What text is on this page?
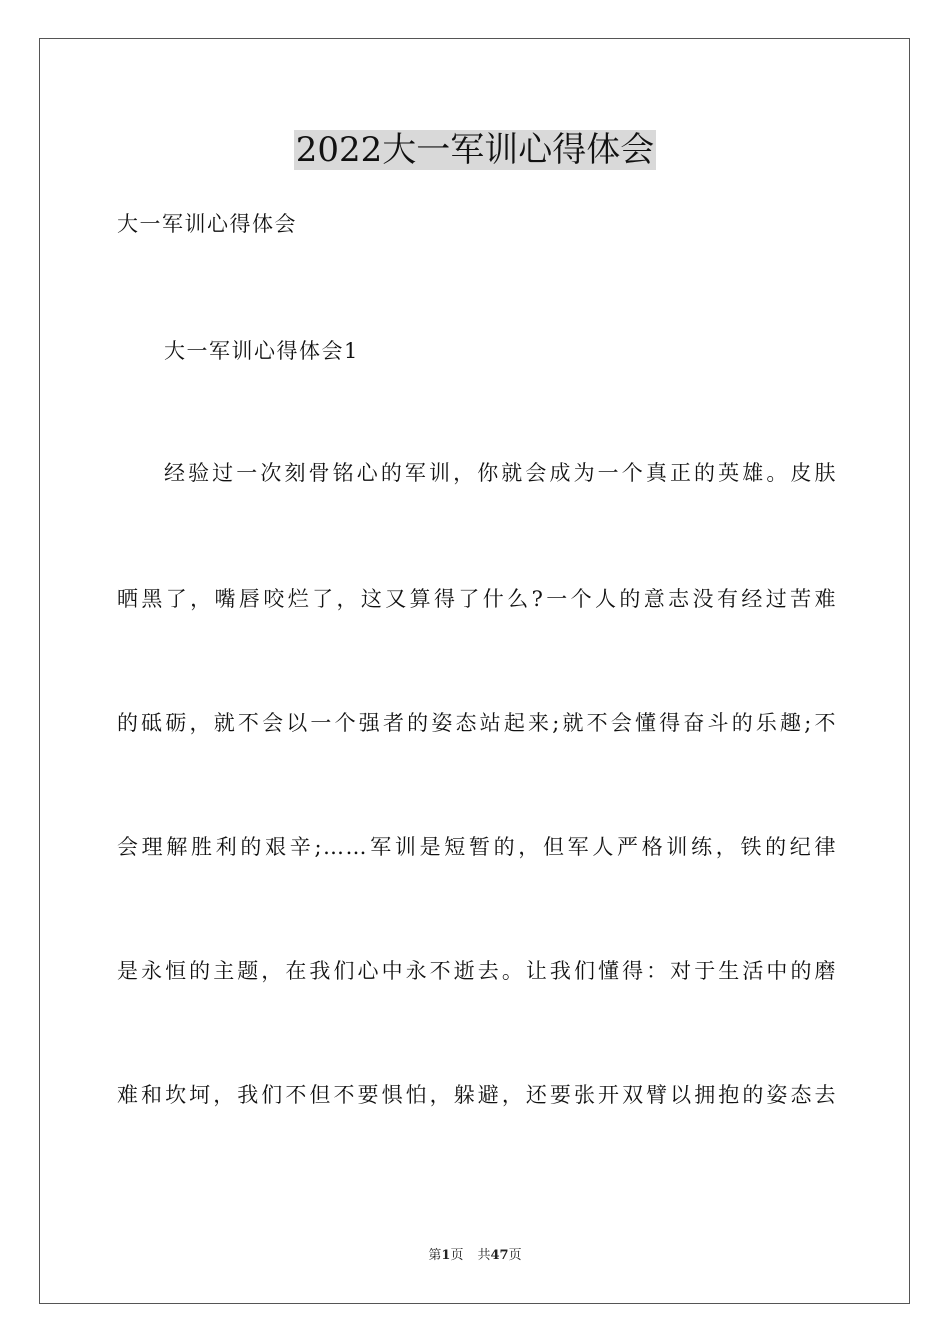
2022大一军训心得体会
大一军训心得体会
大一军训心得体会1
经验过一次刻骨铭心的军训，你就会成为一个真正的英雄。皮肤
晒黑了，嘴唇咬烂了，这又算得了什么?一个人的意志没有经过苦难
的砥砺，就不会以一个强者的姿态站起来;就不会懂得奋斗的乐趣;不
会理解胜利的艰辛;……军训是短暂的，但军人严格训练，铁的纪律
是永恒的主题，在我们心中永不逝去。让我们懂得：对于生活中的磨
难和坎坷，我们不但不要惧怕，躲避，还要张开双臂以拥抱的姿态去
第1页 共47页
